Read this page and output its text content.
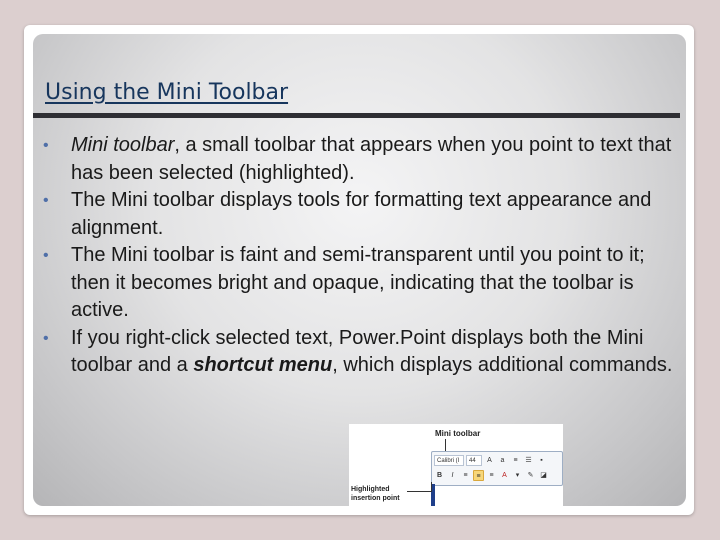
Using the Mini Toolbar
• Mini toolbar, a small toolbar that appears when you point to text that has been selected (highlighted).
• The Mini toolbar displays tools for formatting text appearance and alignment.
• The Mini toolbar is faint and semi-transparent until you point to it; then it becomes bright and opaque, indicating that the toolbar is active.
• If you right-click selected text, Power.Point displays both the Mini toolbar and a shortcut menu, which displays additional commands.
Mini toolbar
Calibri (I	44	A	a	≡	☰	▪
B	I	≡	≡	≡	A	▾	✎ ◪
Highlighted
insertion point
